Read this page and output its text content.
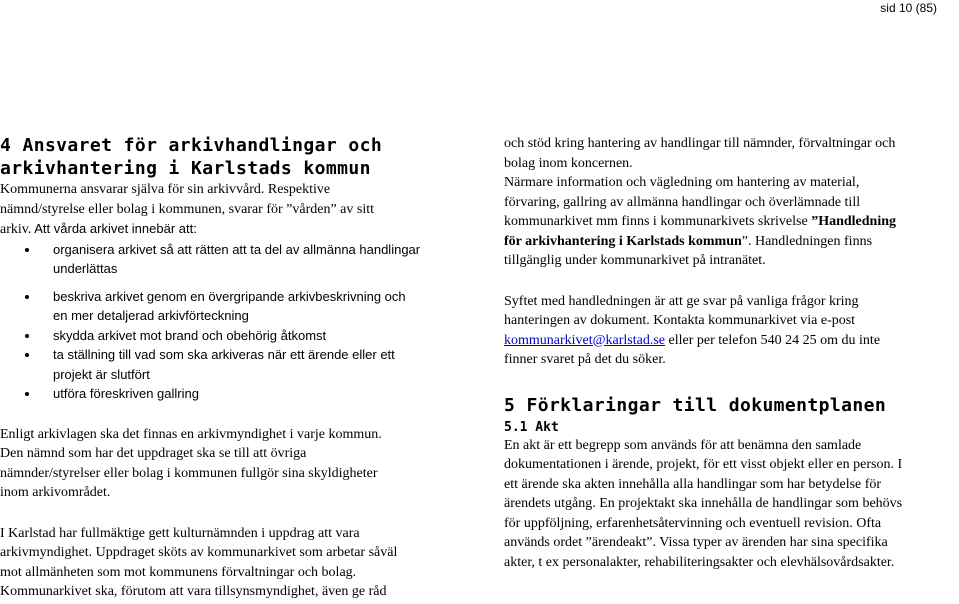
sid 10 (85)
4 Ansvaret för arkivhandlingar och
arkivhantering i Karlstads kommun

Kommunerna ansvarar själva för sin arkivvård. Respektive
nämnd/styrelse eller bolag i kommunen, svarar för ”vården” av sitt
arkiv. Att vårda arkivet innebär att:

organisera arkivet så att rätten att ta del av allmänna handlingar
underlättas
beskriva arkivet genom en övergripande arkivbeskrivning och
en mer detaljerad arkivförteckning
skydda arkivet mot brand och obehörig åtkomst
ta ställning till vad som ska arkiveras när ett ärende eller ett
projekt är slutfört
utföra föreskriven gallring

Enligt arkivlagen ska det finnas en arkivmyndighet i varje kommun.
Den nämnd som har det uppdraget ska se till att övriga
nämnder/styrelser eller bolag i kommunen fullgör sina skyldigheter
inom arkivområdet.

I Karlstad har fullmäktige gett kulturnämnden i uppdrag att vara
arkivmyndighet. Uppdraget sköts av kommunarkivet som arbetar såväl
mot allmänheten som mot kommunens förvaltningar och bolag.
Kommunarkivet ska, förutom att vara tillsynsmyndighet, även ge råd

och stöd kring hantering av handlingar till nämnder, förvaltningar och
bolag inom koncernen.
Närmare information och vägledning om hantering av material,
förvaring, gallring av allmänna handlingar och överlämnade till
kommunarkivet mm finns i kommunarkivets skrivelse ”Handledning
för arkivhantering i Karlstads kommun”. Handledningen finns
tillgänglig under kommunarkivet på intranätet.

Syftet med handledningen är att ge svar på vanliga frågor kring
hanteringen av dokument. Kontakta kommunarkivet via e-post
kommunarkivet@karlstad.se eller per telefon 540 24 25 om du inte
finner svaret på det du söker.

5 Förklaringar till dokumentplanen
5.1 Akt

En akt är ett begrepp som används för att benämna den samlade
dokumentationen i ärende, projekt, för ett visst objekt eller en person. I
ett ärende ska akten innehålla alla handlingar som har betydelse för
ärendets utgång. En projektakt ska innehålla de handlingar som behövs
för uppföljning, erfarenhetsåtervinning och eventuell revision. Ofta
används ordet ”ärendeakt”. Vissa typer av ärenden har sina specifika
akter, t ex personalakter, rehabiliteringsakter och elevhälsovårdsakter.
